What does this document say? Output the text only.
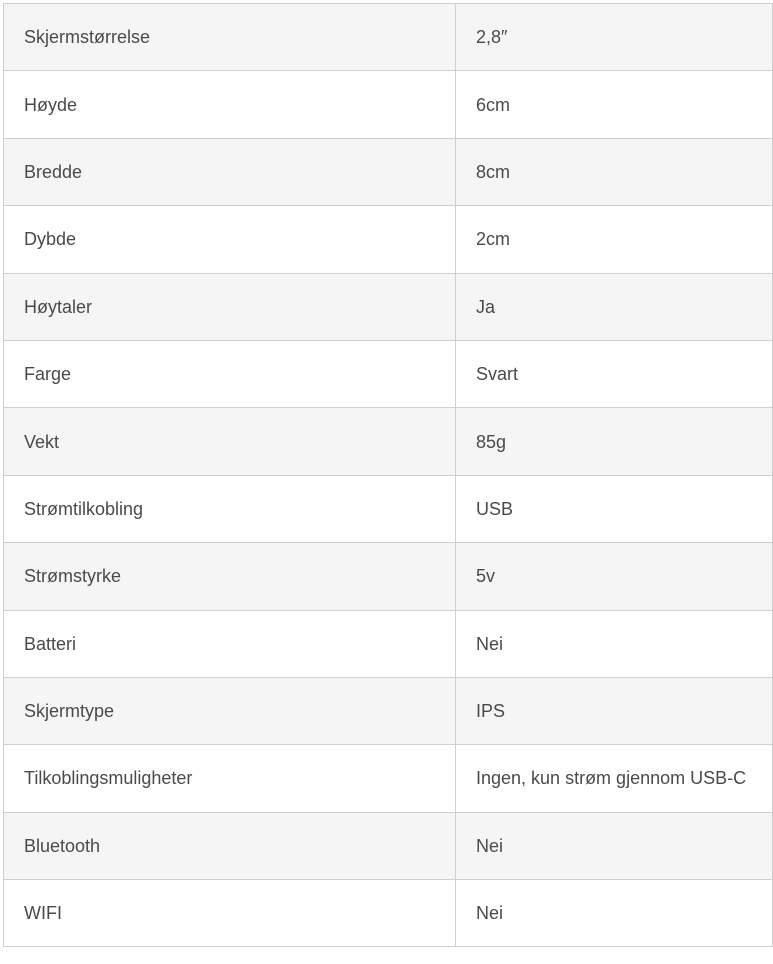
Skjermstørrelse	2,8″
Høyde	6cm
Bredde	8cm
Dybde	2cm
Høytaler	Ja
Farge	Svart
Vekt	85g
Strømtilkobling	USB
Strømstyrke	5v
Batteri	Nei
Skjermtype	IPS
Tilkoblingsmuligheter	Ingen, kun strøm gjennom USB-C
Bluetooth	Nei
WIFI	Nei
